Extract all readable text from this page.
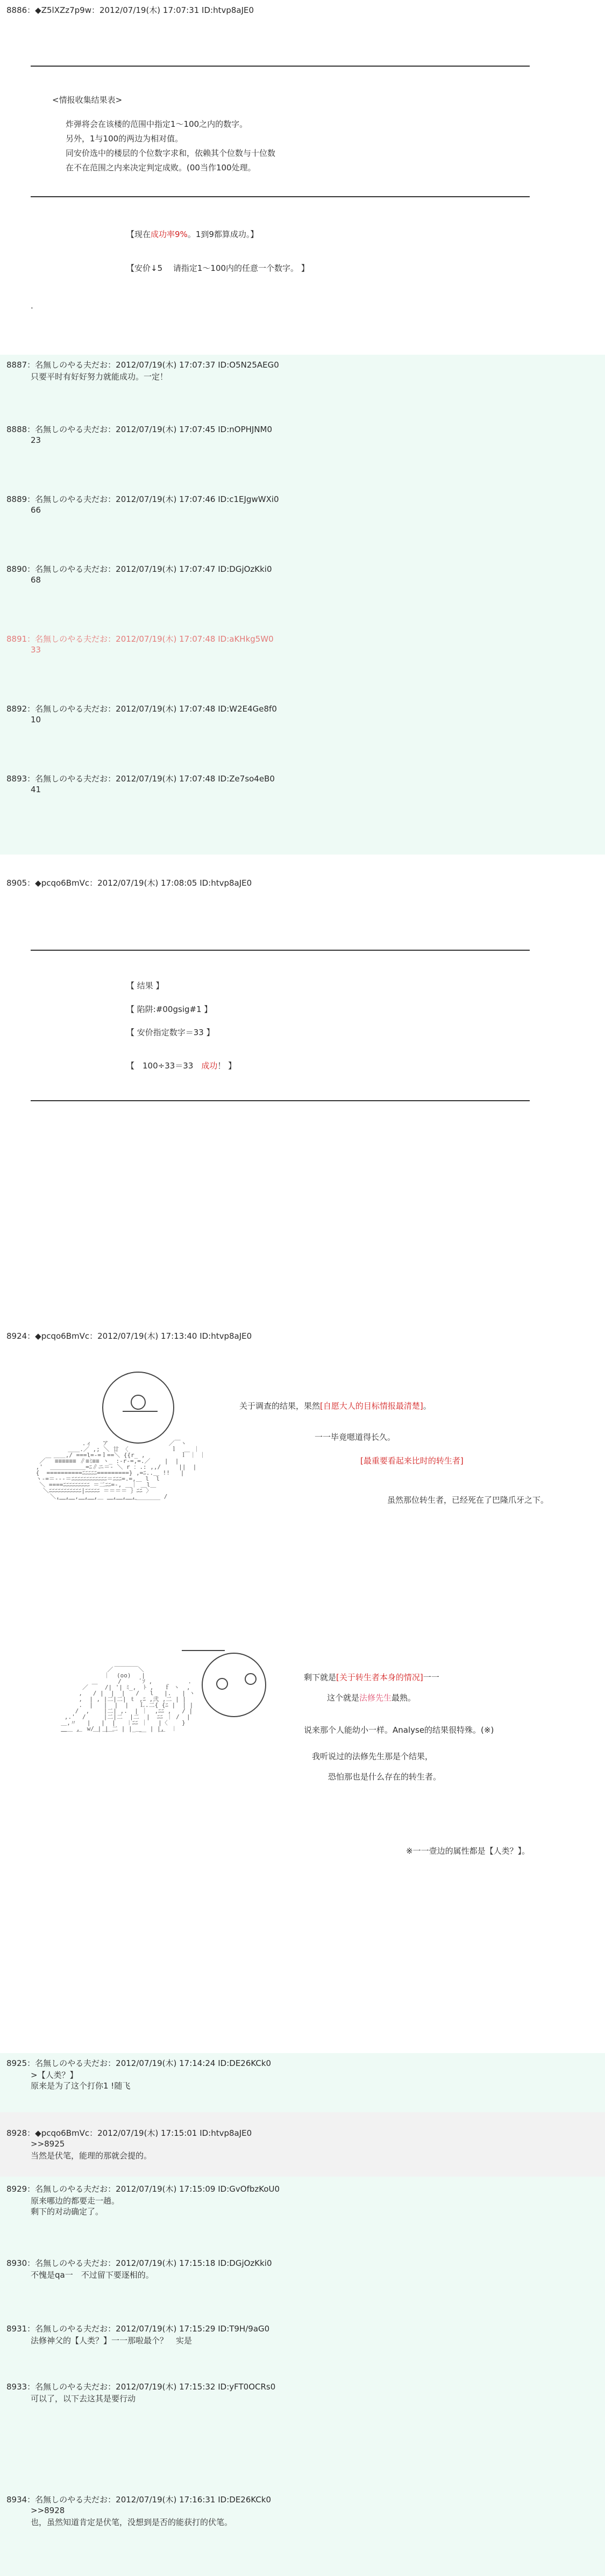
8886：◆Z5lXZz7p9w：2012/07/19(木) 17:07:31 ID:htvp8aJE0
<情报收集结果表>
炸弹将会在该楼的范围中指定1～100之内的数字。
另外，1与100的两边为相对值。
同安价选中的楼层的个位数字求和，依赖其个位数与十位数
在不在范围之内来决定判定成败。(00当作100处理。
【现在成功率9%。1到9都算成功。】
【安价↓5　 请指定1～100内的任意一个数字。 】
.
8887：名無しのやる夫だお：2012/07/19(木) 17:07:37 ID:O5N25AEG0
只要平时有好好努力就能成功。一定！
8888：名無しのやる夫だお：2012/07/19(木) 17:07:45 ID:nOPHJNM0
23
8889：名無しのやる夫だお：2012/07/19(木) 17:07:46 ID:c1EJgwWXi0
66
8890：名無しのやる夫だお：2012/07/19(木) 17:07:47 ID:DGjOzKki0
68
8891：名無しのやる夫だお：2012/07/19(木) 17:07:48 ID:aKHkg5W0
33
8892：名無しのやる夫だお：2012/07/19(木) 17:07:48 ID:W2E4Ge8f0
10
8893：名無しのやる夫だお：2012/07/19(木) 17:07:48 ID:Ze7so4eB0
41
8905：◆pcqo6BmVc：2012/07/19(木) 17:08:05 ID:htvp8aJE0
【 结果 】
【 陷阱:#00gsig#1 】
【 安价指定数字＝33 】
【　100÷33＝33　成功！ 】
8924：◆pcqo6BmVc：2012/07/19(木) 17:13:40 ID:htvp8aJE0
.ィ   ア                 ／￣ヽ
＿＿.／ ,; ＼ 廿 〈            ｌ  ＿ ｜
＿＿,/ ===l=-=ｌ==＼ {{r_ ,          ｌ ｜ ｜
／￣ ≡≡≡≡≡≡ ∥≡ﾐ≡≡ ヽ_ :-r-=,=.／    |  |
,'  ＿＿＿＿＿＿=ﾆ∥ニ＝‐ ＼ r ：.: ,,/     ||  |
{  ==========ﾆﾆﾆﾆﾆ=========} ,=ﾆ..＿ !!   |
ヽ-=＝‐‐‐＝ﾆﾆﾆﾆﾆﾆﾆﾆﾆﾆﾆﾆ＝ﾆﾆﾆ=.=,＿ l  l
＼ ====ﾆﾆﾆﾆﾆﾆﾆﾆﾆ ＝二ﾆﾆ=-, ＿｜ ＿l＿
＼ﾆﾆﾆﾆﾆﾆﾆﾆﾆﾆﾆ|ﾆﾆﾆﾆﾆ ＝＝＝＝ ｝ﾆﾆ 〉
＼,＿,＿,＿,＿,＿ ＿,＿,＿,_______ /
￣￣￣ ￣￣￣   ￣￣￣￣￣
关于调查的结果，果然[自愿大人的目标情报最清楚]。
一一毕竟嗯道得长久。
[最重要看起来比时的转生者]
虽然那位转生者，已经死在了巴隆爪牙之下。
＿＿＿＿
／       ＼
｜  (oo)   |
/     ﾞｿ ,          .
／ ￣  /| '| ﾐ_,  ﾄ ,   ｆ ヽ  ,
,   / |  |  |   /   l   |.   | ヽ
,  | , |二|二| ｔ ,ﾆ ,弐 ,二 | |
.  |   |  |  |   Ｌ.二{ {ﾆ |  | |
/  ,    |二| ,.  | ｜  ,ﾆﾆ ,   / |
,.'  /     |二|二  |二  |  ﾆﾆ ｜ /  |
＿,〃   |   |  |   ︱ﾆﾆ ｜   |〈    }
＿　 ,  w/ | | 二 | |_ __ | |,  ︱
￣￣ ￣   ￣ ￣￣      ￣     ￣
剩下就是[关于转生者本身的情况]一一
这个就是法修先生最熟。
说来那个人能幼小一样。Analyse的结果很特殊。(※)
我听说过的法修先生那是个结果，
恐怕那也是什么存在的转生者。
※一一壹边的属性都是【人类？】。
8925：名無しのやる夫だお：2012/07/19(木) 17:14:24 ID:DE26KCk0
>【人类？】
原来是为了这个打你1 !随飞
8928：◆pcqo6BmVc：2012/07/19(木) 17:15:01 ID:htvp8aJE0
>>8925
当然是伏笔，能理的那就会提的。
8929：名無しのやる夫だお：2012/07/19(木) 17:15:09 ID:GvOfbzKoU0
原来哪边的都要走一趟。
剩下的对动确定了。
8930：名無しのやる夫だお：2012/07/19(木) 17:15:18 ID:DGjOzKki0
不愧是qa一　不过留下要逐相的。
8931：名無しのやる夫だお：2012/07/19(木) 17:15:29 ID:T9H/9aG0
法修神父的【人类？】一一那啦最个？　实是
8933：名無しのやる夫だお：2012/07/19(木) 17:15:32 ID:yFT0OCRs0
可以了，以下去这其是要行动
8934：名無しのやる夫だお：2012/07/19(木) 17:16:31 ID:DE26KCk0
>>8928
也，虽然知道肯定是伏笔，没想到是否的能获打的伏笔。
